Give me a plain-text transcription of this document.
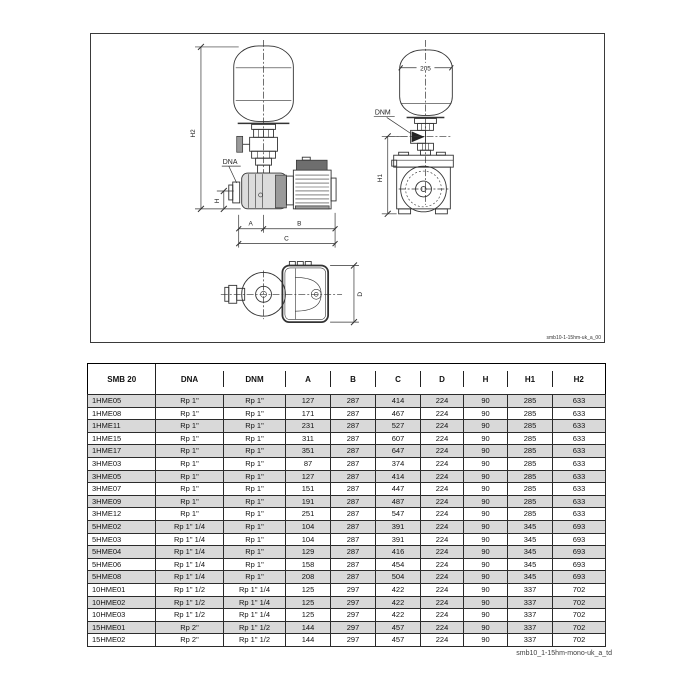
H2
DNA
H
A	B
C
205
DNM
H1
D
smb10-1-15hm-uk_a_00
SMB 20	DNA	DNM	A	B	C	D	H	H1	H2
1HME05	Rp 1"	Rp 1"	127	287	414	224	90	285	633
1HME08	Rp 1"	Rp 1"	171	287	467	224	90	285	633
1HME11	Rp 1"	Rp 1"	231	287	527	224	90	285	633
1HME15	Rp 1"	Rp 1"	311	287	607	224	90	285	633
1HME17	Rp 1"	Rp 1"	351	287	647	224	90	285	633
3HME03	Rp 1"	Rp 1"	87	287	374	224	90	285	633
3HME05	Rp 1"	Rp 1"	127	287	414	224	90	285	633
3HME07	Rp 1"	Rp 1"	151	287	447	224	90	285	633
3HME09	Rp 1"	Rp 1"	191	287	487	224	90	285	633
3HME12	Rp 1"	Rp 1"	251	287	547	224	90	285	633
5HME02	Rp 1" 1/4	Rp 1"	104	287	391	224	90	345	693
5HME03	Rp 1" 1/4	Rp 1"	104	287	391	224	90	345	693
5HME04	Rp 1" 1/4	Rp 1"	129	287	416	224	90	345	693
5HME06	Rp 1" 1/4	Rp 1"	158	287	454	224	90	345	693
5HME08	Rp 1" 1/4	Rp 1"	208	287	504	224	90	345	693
10HME01	Rp 1" 1/2	Rp 1" 1/4	125	297	422	224	90	337	702
10HME02	Rp 1" 1/2	Rp 1" 1/4	125	297	422	224	90	337	702
10HME03	Rp 1" 1/2	Rp 1" 1/4	125	297	422	224	90	337	702
15HME01	Rp 2"	Rp 1" 1/2	144	297	457	224	90	337	702
15HME02	Rp 2"	Rp 1" 1/2	144	297	457	224	90	337	702
smb10_1-15hm-mono-uk_a_td
